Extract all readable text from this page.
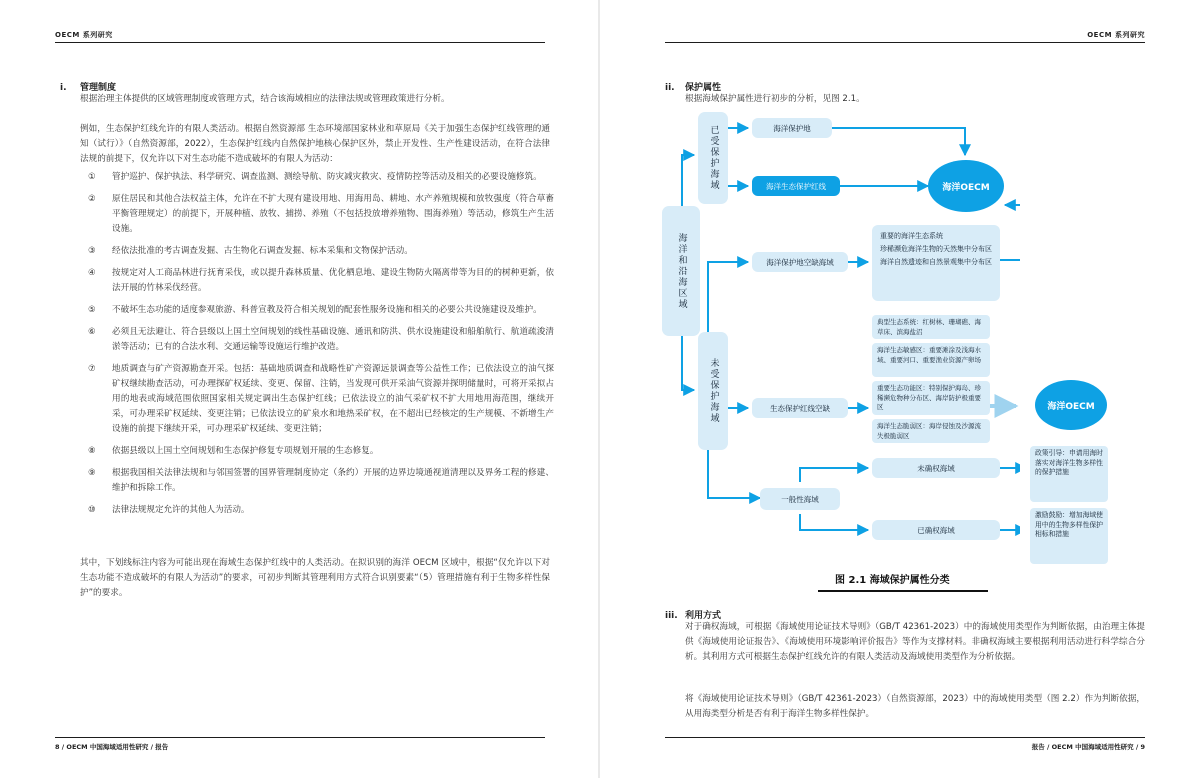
OECM 系列研究
i. 管理制度
根据治理主体提供的区域管理制度或管理方式，结合该海域相应的法律法规或管理政策进行分析。
例如，生态保护红线允许的有限人类活动。根据自然资源部 生态环境部国家林业和草原局《关于加强生态保护红线管理的通知（试行）》（自然资源部，2022），生态保护红线内自然保护地核心保护区外，禁止开发性、生产性建设活动，在符合法律法规的前提下，仅允许以下对生态功能不造成破坏的有限人为活动：
① 管护巡护、保护执法、科学研究、调查监测、测绘导航、防灾减灾救灾、疫情防控等活动及相关的必要设施修筑。
② 原住居民和其他合法权益主体，允许在不扩大现有建设用地、用海用岛、耕地、水产养殖规模和放牧强度（符合草畜平衡管理规定）的前提下，开展种植、放牧、捕捞、养殖（不包括投放增养殖物、围海养殖）等活动，修筑生产生活设施。
③ 经依法批准的考古调查发掘、古生物化石调查发掘、标本采集和文物保护活动。
④ 按规定对人工商品林进行抚育采伐，或以提升森林质量、优化栖息地、建设生物防火隔离带等为目的的树种更新，依法开展的竹林采伐经营。
⑤ 不破坏生态功能的适度参观旅游、科普宣教及符合相关规划的配套性服务设施和相关的必要公共设施建设及维护。
⑥ 必须且无法避让、符合县级以上国土空间规划的线性基础设施、通讯和防洪、供水设施建设和船舶航行、航道疏浚清淤等活动；已有的合法水利、交通运输等设施运行维护改造。
⑦ 地质调查与矿产资源勘查开采。包括：基础地质调查和战略性矿产资源远景调查等公益性工作；已依法设立的油气探矿权继续勘查活动，可办理探矿权延续、变更、保留、注销，当发现可供开采油气资源并探明储量时，可将开采拟占用的地表或海域范围依照国家相关规定调出生态保护红线；已依法设立的油气采矿权不扩大用地用海范围，继续开采，可办理采矿权延续、变更注销；已依法设立的矿泉水和地热采矿权，在不超出已经核定的生产规模、不新增生产设施的前提下继续开采，可办理采矿权延续、变更注销；
⑧ 依据县级以上国土空间规划和生态保护修复专项规划开展的生态修复。
⑨ 根据我国相关法律法规和与邻国签署的国界管理制度协定（条约）开展的边界边境通视道清理以及界务工程的修建、维护和拆除工作。
⑩ 法律法规规定允许的其他人为活动。
其中，下划线标注内容为可能出现在海域生态保护红线中的人类活动。在拟识别的海洋 OECM 区域中，根据“仅允许以下对生态功能不造成破坏的有限人为活动”的要求，可初步判断其管理利用方式符合识别要素“（5）管理措施有利于生物多样性保护”的要求。
8 / OECM 中国海域适用性研究 / 报告
OECM 系列研究
ii. 保护属性
根据海域保护属性进行初步的分析，见图 2.1。
iii. 利用方式
对于确权海域，可根据《海域使用论证技术导则》（GB/T 42361-2023）中的海域使用类型作为判断依据，由治理主体提供《海域使用论证报告》、《海域使用环境影响评价报告》等作为支撑材料。非确权海域主要根据利用活动进行科学综合分析。其利用方式可根据生态保护红线允许的有限人类活动及海域使用类型作为分析依据。
将《海域使用论证技术导则》（GB/T 42361-2023）（自然资源部，2023）中的海域使用类型（图 2.2）作为判断依据，从用海类型分析是否有利于海洋生物多样性保护。
报告 / OECM 中国海域适用性研究 / 9
海洋和沿海区域
已受保护海域
未受保护海域
海洋保护地
海洋生态保护红线	海洋OECM
海洋保护地空缺海域
重要的海洋生态系统
珍稀濒危海洋生物的天然集中分布区
海洋自然遗迹和自然景观集中分布区
生态保护红线空缺
典型生态系统：红树林、珊瑚礁、海草床、滨海盐沼
海洋生态敏感区：重要滩涂及浅海水域、重要河口、重要渔业资源产卵场
重要生态功能区：特别保护海岛、珍稀濒危物种分布区、海岸防护极重要区
海洋生态脆弱区：海岸侵蚀及沙源流失极脆弱区
一般性海域
未确权海域
已确权海域
海洋OECM
政策引导：申请用海时落实对海洋生物多样性的保护措施
激励鼓励：增加海域使用中的生物多样性保护相标和措施
图 2.1 海域保护属性分类
